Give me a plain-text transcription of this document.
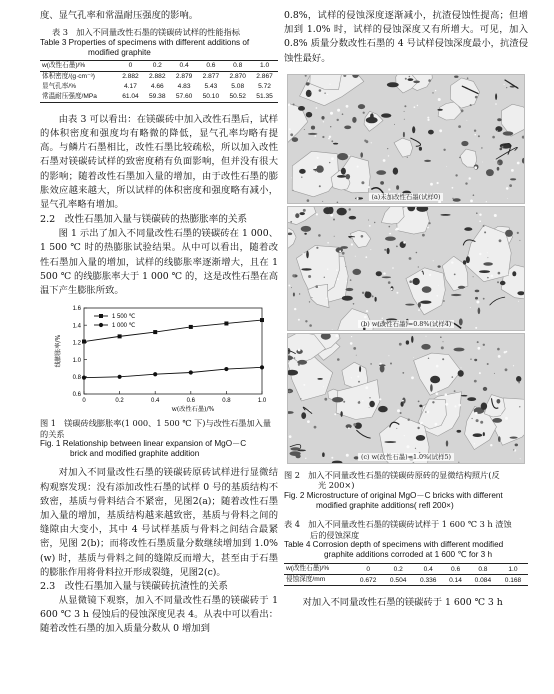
度、显气孔率和常温耐压强度的影响。

表 3　加入不同量改性石墨的镁碳砖试样的性能指标

Table 3 Properties of specimens with different additions of

modified graphite

w(改性石墨)/%	0	0.2	0.4	0.6	0.8	1.0
体积密度/(g·cm⁻³)	2.882	2.882	2.879	2.877	2.870	2.867
显气孔率/%	4.17	4.66	4.83	5.43	5.08	5.72
常温耐压强度/MPa	61.04	59.38	57.60	50.10	50.52	51.35

由表 3 可以看出：在镁碳砖中加入改性石墨后，试样的体积密度和强度均有略微的降低，显气孔率均略有提高。与鳞片石墨相比，改性石墨比较疏松，所以加入改性石墨对镁碳砖试样的致密度稍有负面影响，但并没有很大的影响；随着改性石墨加入量的增加，由于改性石墨的膨胀效应越来越大，所以试样的体积密度和强度略有减小，显气孔率略有增加。

2.2　改性石墨加入量与镁碳砖的热膨胀率的关系

图 1 示出了加入不同量改性石墨的镁碳砖在 1 000、1 500 ℃ 时的热膨胀试验结果。从中可以看出，随着改性石墨加入量的增加，试样的线膨胀率逐渐增大，且在 1 500 ℃ 的线膨胀率大于 1 000 ℃ 的，这是改性石墨在高温下产生膨胀所致。

0.6
0.8
1.0
1.2
1.4
1.6
0	0.2	0.4	0.6	0.8	1.0
w(改性石墨)/%
线膨胀率/%
1 500 ℃
1 000 ℃

图 1　镁碳砖线膨胀率(1 000、1 500 ℃ 下)与改性石墨加入量的关系

Fig. 1 Relationship between linear expansion of MgO－C

brick and modified graphite addition

对加入不同量改性石墨的镁碳砖原砖试样进行显微结构观察发现：没有添加改性石墨的试样 0 号的基质结构不致密，基质与骨料结合不紧密，见图2(a)；随着改性石墨加入量的增加，基质结构越来越致密，基质与骨料之间的缝隙由大变小，其中 4 号试样基质与骨料之间结合最紧密，见图 2(b)；而将改性石墨质量分数继续增加到 1.0%(w) 时，基质与骨料之间的缝隙反而增大，甚至由于石墨的膨胀作用将骨料拉开形成裂缝，见图2(c)。

2.3　改性石墨加入量与镁碳砖抗渣性的关系

从显微镜下观察，加入不同量改性石墨的镁碳砖于 1 600 ℃ 3 h 侵蚀后的侵蚀深度见表 4。从表中可以看出：随着改性石墨的加入质量分数从 0 增加到

0.8%，试样的侵蚀深度逐渐减小，抗渣侵蚀性提高；但增加到 1.0% 时，试样的侵蚀深度又有所增大。可见，加入 0.8% 质量分数改性石墨的 4 号试样侵蚀深度最小，抗渣侵蚀性最好。

(a)未加改性石墨(试样0)
(b) w(改性石墨)=0.8%(试样4)
(c) w(改性石墨)=1.0%(试样5)

图 2　加入不同量改性石墨的镁碳砖原砖的显微结构照片(反

光 200×)

Fig. 2 Microstructure of original MgO－C bricks with different

modified graphite additions( refl 200×)

表 4　加入不同量改性石墨的镁碳砖试样于 1 600 ℃ 3 h 渣蚀

后的侵蚀深度

Table 4 Corrosion depth of specimens with different modified

graphite additions corroded at 1 600 ℃ for 3 h

w(改性石墨)/%	0	0.2	0.4	0.6	0.8	1.0
侵蚀深度/mm	0.672	0.504	0.336	0.14	0.084	0.168

对加入不同量改性石墨的镁碳砖于 1 600 ℃ 3 h
